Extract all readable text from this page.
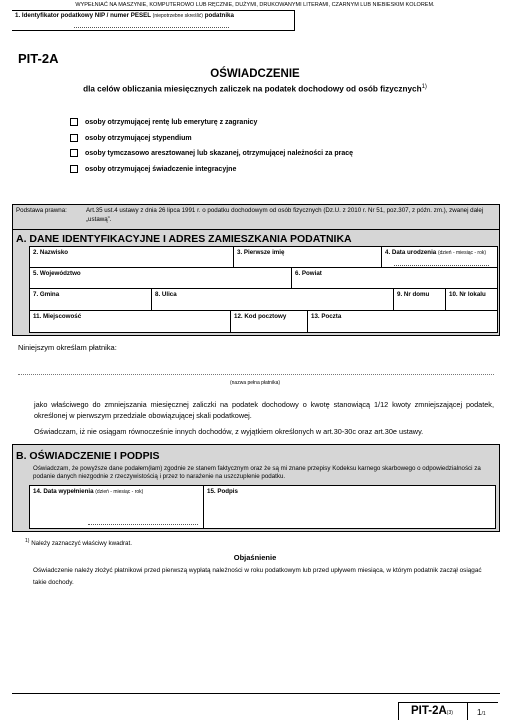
WYPEŁNIAĆ NA MASZYNIE, KOMPUTEROWO LUB RĘCZNIE, DUŻYMI, DRUKOWANYMI LITERAMI, CZARNYM LUB NIEBIESKIM KOLOREM.
1. Identyfikator podatkowy NIP / numer PESEL (niepotrzebne skreślić) podatnika
PIT-2A
OŚWIADCZENIE
dla celów obliczania miesięcznych zaliczek na podatek dochodowy od osób fizycznych$^{1)}$
osoby otrzymującej rentę lub emeryturę z zagranicy
osoby otrzymującej stypendium
osoby tymczasowo aresztowanej lub skazanej, otrzymującej należności za pracę
osoby otrzymującej świadczenie integracyjne
Podstawa prawna:	Art.35 ust.4 ustawy z dnia 26 lipca 1991 r. o podatku dochodowym od osób fizycznych (Dz.U. z 2010 r. Nr 51, poz.307, z późn. zm.), zwanej dalej „ustawą”.
A. DANE IDENTYFIKACYJNE I ADRES ZAMIESZKANIA PODATNIKA
2. Nazwisko	3. Pierwsze imię	4. Data urodzenia (dzień - miesiąc - rok)
5. Województwo	6. Powiat
7. Gmina	8. Ulica	9. Nr domu	10. Nr lokalu
11. Miejscowość	12. Kod pocztowy	13. Poczta
Niniejszym określam płatnika:
(nazwa pełna płatnika)
jako właściwego do zmniejszania miesięcznej zaliczki na podatek dochodowy o kwotę stanowiącą 1/12 kwoty zmniejszającej podatek, określonej w pierwszym przedziale obowiązującej skali podatkowej.
Oświadczam, iż nie osiągam równocześnie innych dochodów, z wyjątkiem określonych w art.30-30c oraz art.30e ustawy.
B. OŚWIADCZENIE I PODPIS
Oświadczam, że powyższe dane podałem(łam) zgodnie ze stanem faktycznym oraz że są mi znane przepisy Kodeksu karnego skarbowego o odpowiedzialności za podanie danych niezgodnie z rzeczywistością i przez to narażenie na uszczuplenie podatku.
14. Data wypełnienia (dzień - miesiąc - rok)	15. Podpis
$^{1)}$ Należy zaznaczyć właściwy kwadrat.
Objaśnienie
Oświadczenie należy złożyć płatnikowi przed pierwszą wypłatą należności w roku podatkowym lub przed upływem miesiąca, w którym podatnik zaczął osiągać takie dochody.
PIT-2A(3)	1/1
